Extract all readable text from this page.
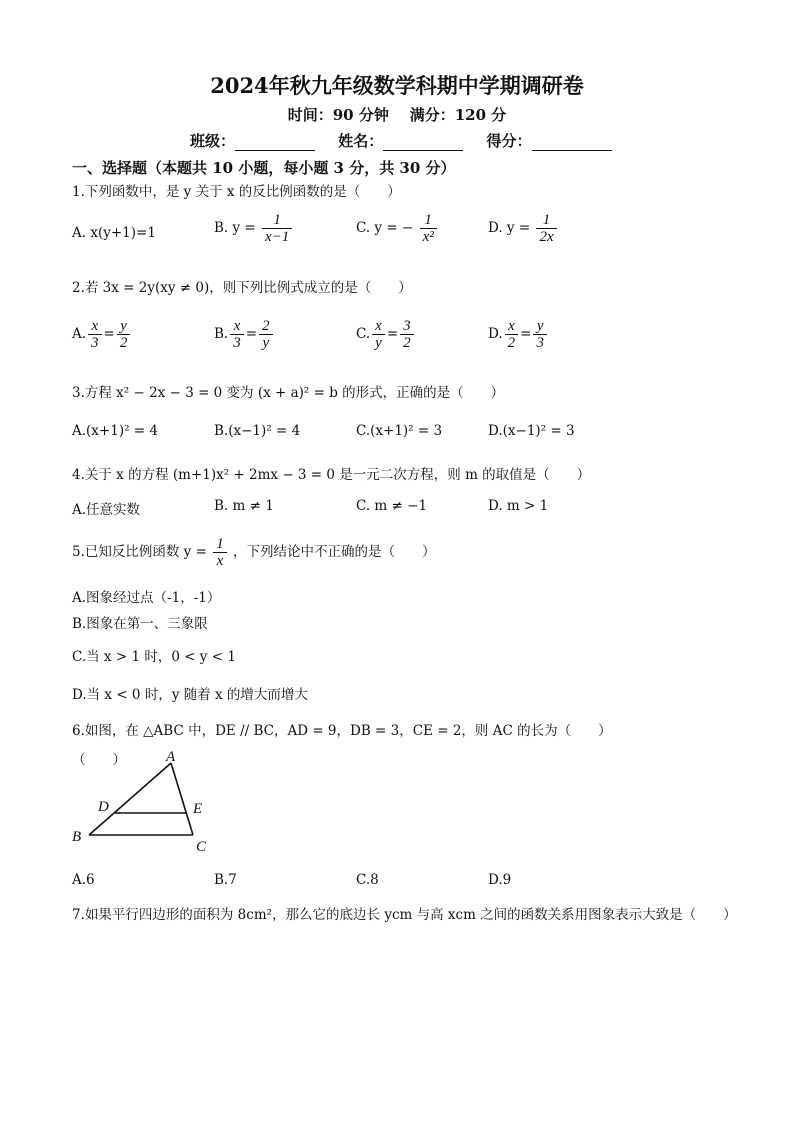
2024年秋九年级数学科期中学期调研卷
时间：90 分钟 满分：120 分
班级：	姓名：	得分：
一、选择题（本题共 10 小题，每小题 3 分，共 30 分）
1.下列函数中，是 y 关于 x 的反比例函数的是（　　）
A. x(y+1)=1	B. $y = \frac{1}{x-1}$	C. y = − $\frac{1}{\text{x²}}$	D. $y = \frac{1}{2x}$
2.若 3x = 2y(xy ≠ 0)，则下列比例式成立的是（　　）
A. $\frac{x}{3} = \frac{y}{2}$	B. $\frac{x}{3} = \frac{2}{y}$	C. $\frac{x}{y} = \frac{3}{2}$	D. $\frac{x}{2} = \frac{y}{3}$
3.方程 x² − 2x − 3 = 0 变为 (x + a)² = b 的形式，正确的是（　　）
A.(x+1)² = 4	B.(x−1)² = 4	C.(x+1)² = 3	D.(x−1)² = 3
4.关于 x 的方程 (m+1)x² + 2mx − 3 = 0 是一元二次方程，则 m 的取值是（　　）
A.任意实数	B. m ≠ 1	C. m ≠ −1	D. m > 1
5.已知反比例函数 $y = \frac{1}{x}$ ，下列结论中不正确的是（　　）
A.图象经过点（-1，-1）
B.图象在第一、三象限
C.当 x > 1 时，0 < y < 1
D.当 x < 0 时，y 随着 x 的增大而增大
6.如图，在 △ABC 中，DE // BC，AD = 9，DB = 3，CE = 2，则 AC 的长为（　　）
（　　）	A
D	E
B
C
A.6	B.7	C.8	D.9
7.如果平行四边形的面积为 8cm²，那么它的底边长 ycm 与高 xcm 之间的函数关系用图象表示大致是（　　）
